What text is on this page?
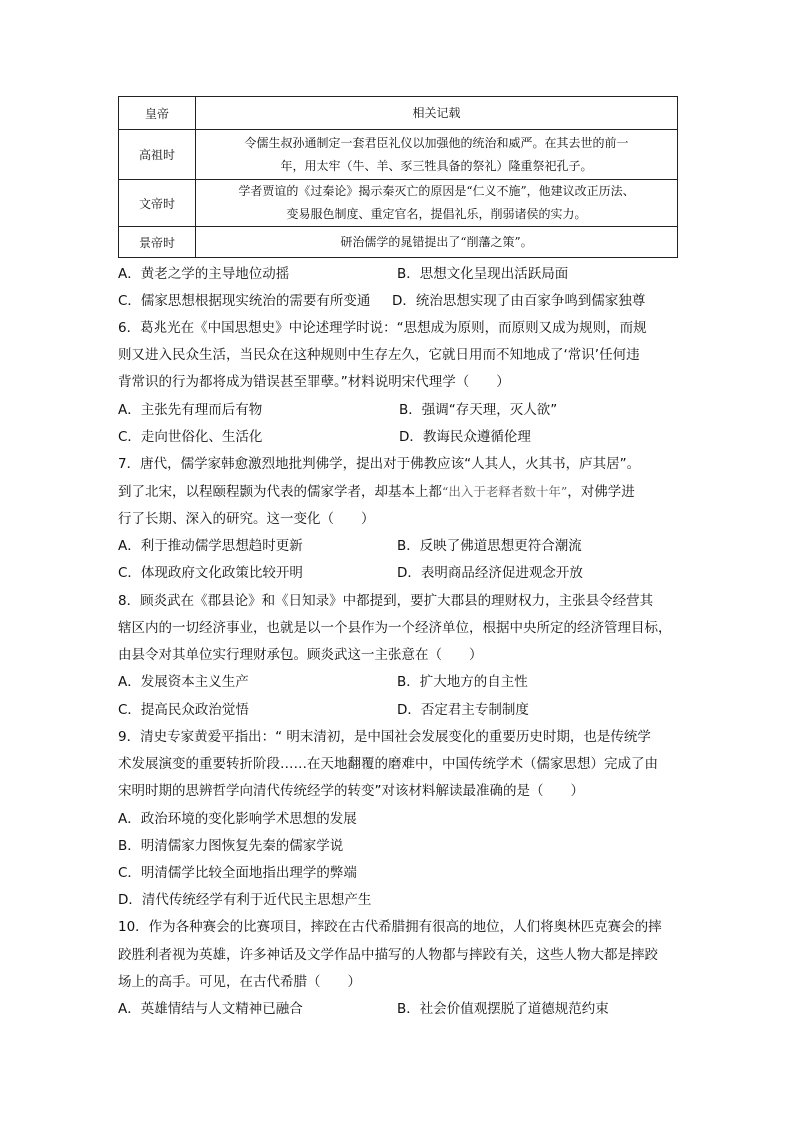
皇帝	相关记载
高祖时	令儒生叔孙通制定一套君臣礼仪以加强他的统治和威严。在其去世的前一
年，用太牢（牛、羊、豕三牲具备的祭礼）隆重祭祀孔子。

文帝时	学者贾谊的《过秦论》揭示秦灭亡的原因是“仁义不施”，他建议改正历法、
变易服色制度、重定官名，提倡礼乐，削弱诸侯的实力。

景帝时	研治儒学的晁错提出了“削藩之策”。
A．黄老之学的主导地位动摇	B．思想文化呈现出活跃局面
C．儒家思想根据现实统治的需要有所变通 D．统治思想实现了由百家争鸣到儒家独尊
6．葛兆光在《中国思想史》中论述理学时说：“思想成为原则，而原则又成为规则，而规
则又进入民众生活，当民众在这种规则中生存左久，它就日用而不知地成了‘常识’任何违
背常识的行为都将成为错误甚至罪孽。”材料说明宋代理学（　　）
A．主张先有理而后有物	B．强调“存天理，灭人欲”
C．走向世俗化、生活化	D．教诲民众遵循伦理
7．唐代，儒学家韩愈激烈地批判佛学，提出对于佛教应该“人其人，火其书，庐其居”。
到了北宋，以程颐程颢为代表的儒家学者，却基本上都“出入于老释者数十年”，对佛学进
行了长期、深入的研究。这一变化（　　）
A．利于推动儒学思想趋时更新	B．反映了佛道思想更符合潮流
C．体现政府文化政策比较开明	D．表明商品经济促进观念开放
8．顾炎武在《郡县论》和《日知录》中都提到，要扩大郡县的理财权力，主张县令经营其
辖区内的一切经济事业，也就是以一个县作为一个经济单位，根据中央所定的经济管理目标，
由县令对其单位实行理财承包。顾炎武这一主张意在（　　）
A．发展资本主义生产	B．扩大地方的自主性
C．提高民众政治觉悟	D．否定君主专制制度
9．清史专家黄爱平指出：“ 明末清初，是中国社会发展变化的重要历史时期，也是传统学
术发展演变的重要转折阶段……在天地翻覆的磨难中，中国传统学术（儒家思想）完成了由
宋明时期的思辨哲学向清代传统经学的转变”对该材料解读最准确的是（　　）
A．政治环境的变化影响学术思想的发展
B．明清儒家力图恢复先秦的儒家学说
C．明清儒学比较全面地指出理学的弊端
D．清代传统经学有利于近代民主思想产生
10．作为各种赛会的比赛项目，摔跤在古代希腊拥有很高的地位，人们将奥林匹克赛会的摔
跤胜利者视为英雄，许多神话及文学作品中描写的人物都与摔跤有关，这些人物大都是摔跤
场上的高手。可见，在古代希腊（　　）
A．英雄情结与人文精神已融合	B．社会价值观摆脱了道德规范约束
